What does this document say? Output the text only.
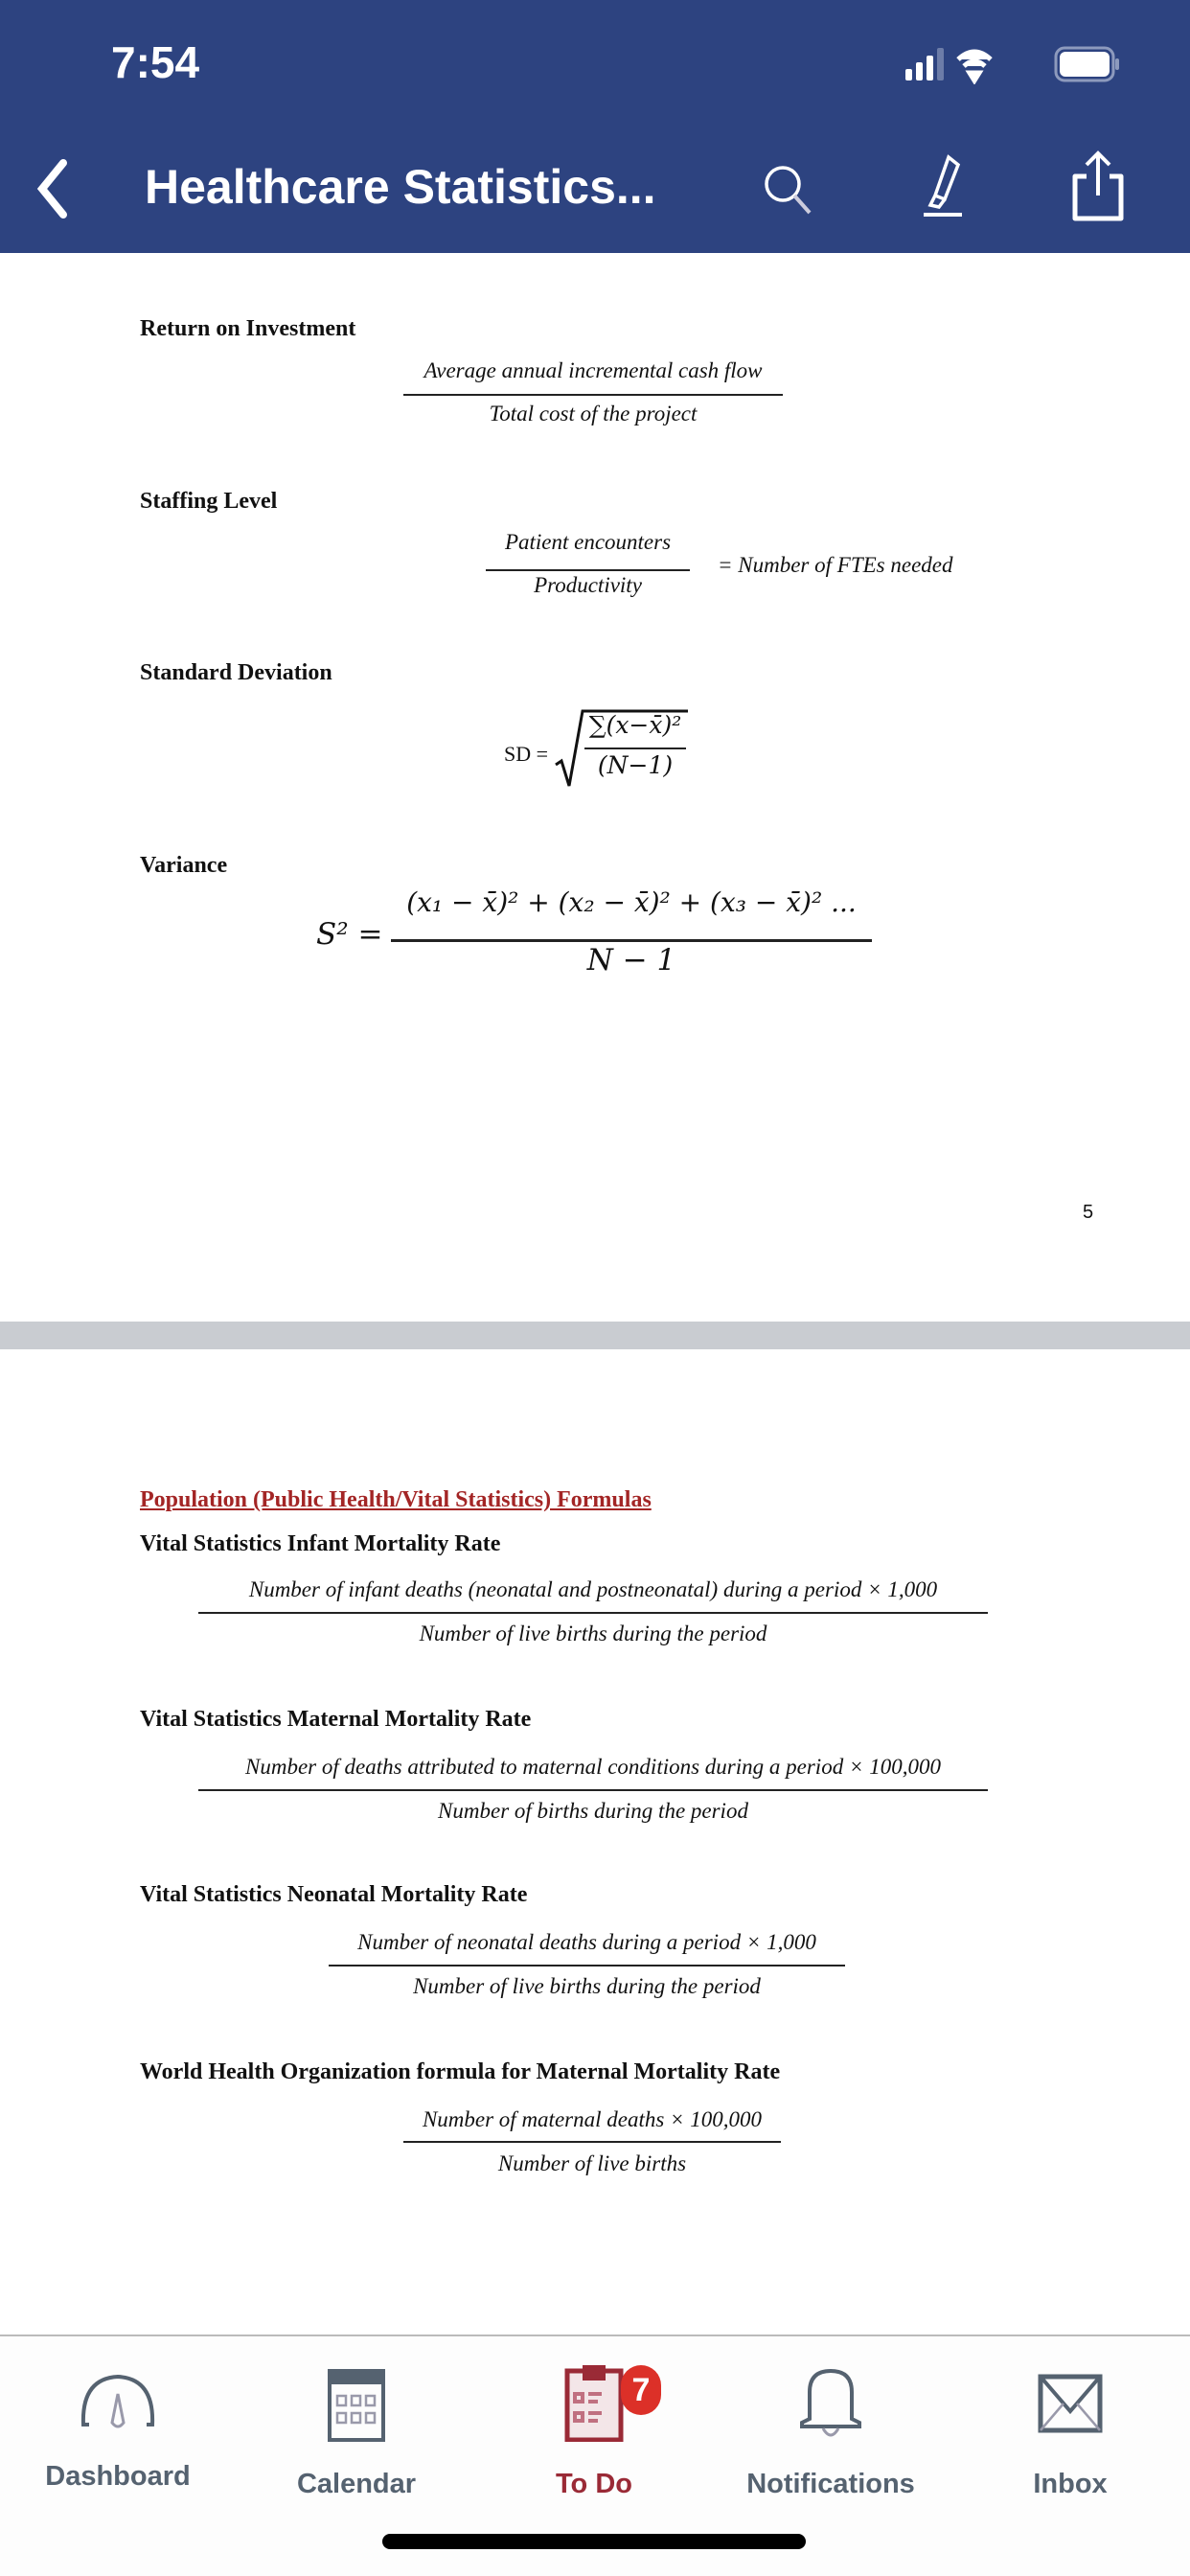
7:54
Healthcare Statistics...
Return on Investment
Average annual incremental cash flow
Total cost of the project
Staffing Level
Patient encounters
Productivity
= Number of FTEs needed
Standard Deviation
SD =
∑(x−x̄)²
(N−1)
Variance
S² =
(x₁ − x̄)² + (x₂ − x̄)² + (x₃ − x̄)² ...
N − 1
5
Population (Public Health/Vital Statistics) Formulas
Vital Statistics Infant Mortality Rate
Number of infant deaths (neonatal and postneonatal) during a period × 1,000
Number of live births during the period
Vital Statistics Maternal Mortality Rate
Number of deaths attributed to maternal conditions during a period × 100,000
Number of births during the period
Vital Statistics Neonatal Mortality Rate
Number of neonatal deaths during a period × 1,000
Number of live births during the period
World Health Organization formula for Maternal Mortality Rate
Number of maternal deaths × 100,000
Number of live births
Dashboard	Calendar
7
To Do	Notifications	Inbox
